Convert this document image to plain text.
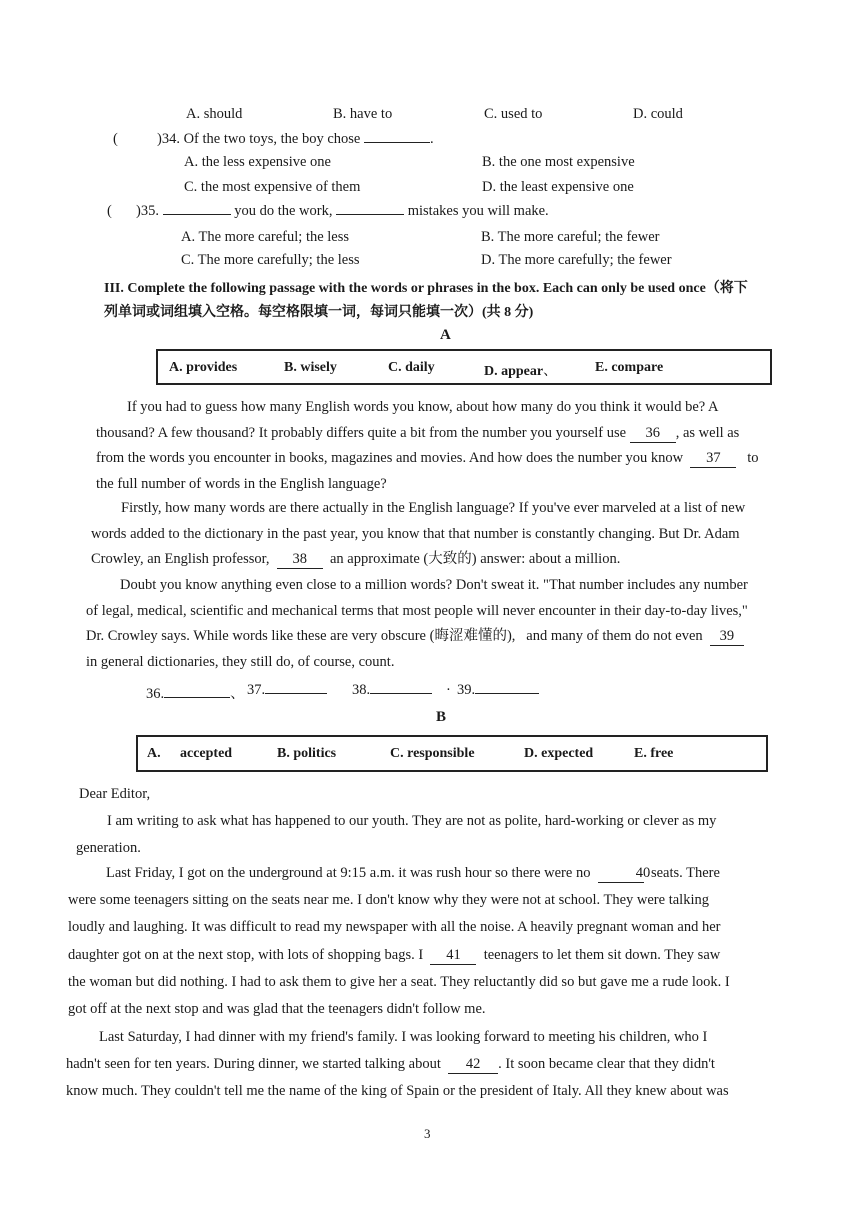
A. should	B. have to	C. used to	D. could
(	)34. Of the two toys, the boy chose	.
A. the less expensive one	B. the one most expensive
C. the most expensive of them	D. the least expensive one
( )35.	you do the work,	mistakes you will make.
A. The more careful; the less	B. The more careful; the fewer
C. The more carefully; the less	D. The more carefully; the fewer
III. Complete the following passage with the words or phrases in the box. Each can only be used once（将下
列单词或词组填入空格。每空格限填一词，每词只能填一次）(共 8 分)
A
A. provides	B. wisely	C. daily	D. appear、	E. compare
If you had to guess how many English words you know, about how many do you think it would be? A
thousand? A few thousand? It probably differs quite a bit from the number you yourself use 36 , as well as
from the words you encounter in books, magazines and movies. And how does the number you know 37 to
the full number of words in the English language?
Firstly, how many words are there actually in the English language? If you've ever marveled at a list of new
words added to the dictionary in the past year, you know that that number is constantly changing. But Dr. Adam
Crowley, an English professor, 38 an approximate (大致的) answer: about a million.
Doubt you know anything even close to a million words? Don't sweat it. "That number includes any number
of legal, medical, scientific and mechanical terms that most people will never encounter in their day-to-day lives,"
Dr. Crowley says. While words like these are very obscure (晦涩难懂的), and many of them do not even 39
in general dictionaries, they still do, of course, count.
36.	、 37.	38.	· 39.
B
A. accepted	B. politics	C. responsible	D. expected	E. free
Dear Editor,
I am writing to ask what has happened to our youth. They are not as polite, hard-working or clever as my
generation.
Last Friday, I got on the underground at 9:15 a.m. it was rush hour so there were no	40  seats. There
were some teenagers sitting on the seats near me. I don't know why they were not at school. They were talking
loudly and laughing. It was difficult to read my newspaper with all the noise. A heavily pregnant woman and her
daughter got on at the next stop, with lots of shopping bags. I 41 teenagers to let them sit down. They saw
the woman but did nothing. I had to ask them to give her a seat. They reluctantly did so but gave me a rude look. I
got off at the next stop and was glad that the teenagers didn't follow me.
Last Saturday, I had dinner with my friend's family. I was looking forward to meeting his children, who I
hadn't seen for ten years. During dinner, we started talking about 42 . It soon became clear that they didn't
know much. They couldn't tell me the name of the king of Spain or the president of Italy. All they knew about was
3
